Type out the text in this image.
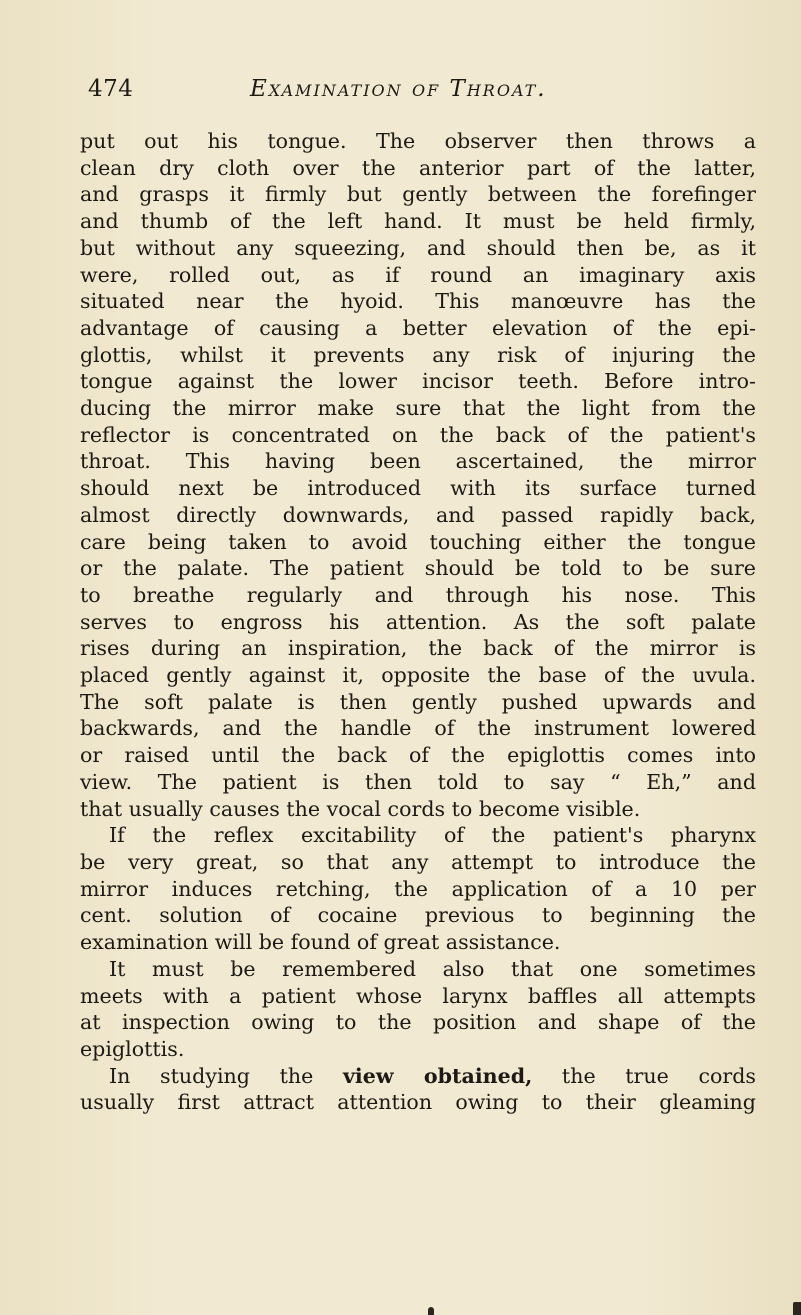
474	Examination of Throat.
put out his tongue. The observer then throws a
clean dry cloth over the anterior part of the latter,
and grasps it firmly but gently between the forefinger
and thumb of the left hand. It must be held firmly,
but without any squeezing, and should then be, as it
were, rolled out, as if round an imaginary axis
situated near the hyoid. This manœuvre has the
advantage of causing a better elevation of the epi-
glottis, whilst it prevents any risk of injuring the
tongue against the lower incisor teeth. Before intro-
ducing the mirror make sure that the light from the
reflector is concentrated on the back of the patient's
throat. This having been ascertained, the mirror
should next be introduced with its surface turned
almost directly downwards, and passed rapidly back,
care being taken to avoid touching either the tongue
or the palate. The patient should be told to be sure
to breathe regularly and through his nose. This
serves to engross his attention. As the soft palate
rises during an inspiration, the back of the mirror is
placed gently against it, opposite the base of the uvula.
The soft palate is then gently pushed upwards and
backwards, and the handle of the instrument lowered
or raised until the back of the epiglottis comes into
view. The patient is then told to say “ Eh,” and
that usually causes the vocal cords to become visible.
If the reflex excitability of the patient's pharynx
be very great, so that any attempt to introduce the
mirror induces retching, the application of a 10 per
cent. solution of cocaine previous to beginning the
examination will be found of great assistance.
It must be remembered also that one sometimes
meets with a patient whose larynx baffles all attempts
at inspection owing to the position and shape of the
epiglottis.
In studying the view obtained, the true cords
usually first attract attention owing to their gleaming
